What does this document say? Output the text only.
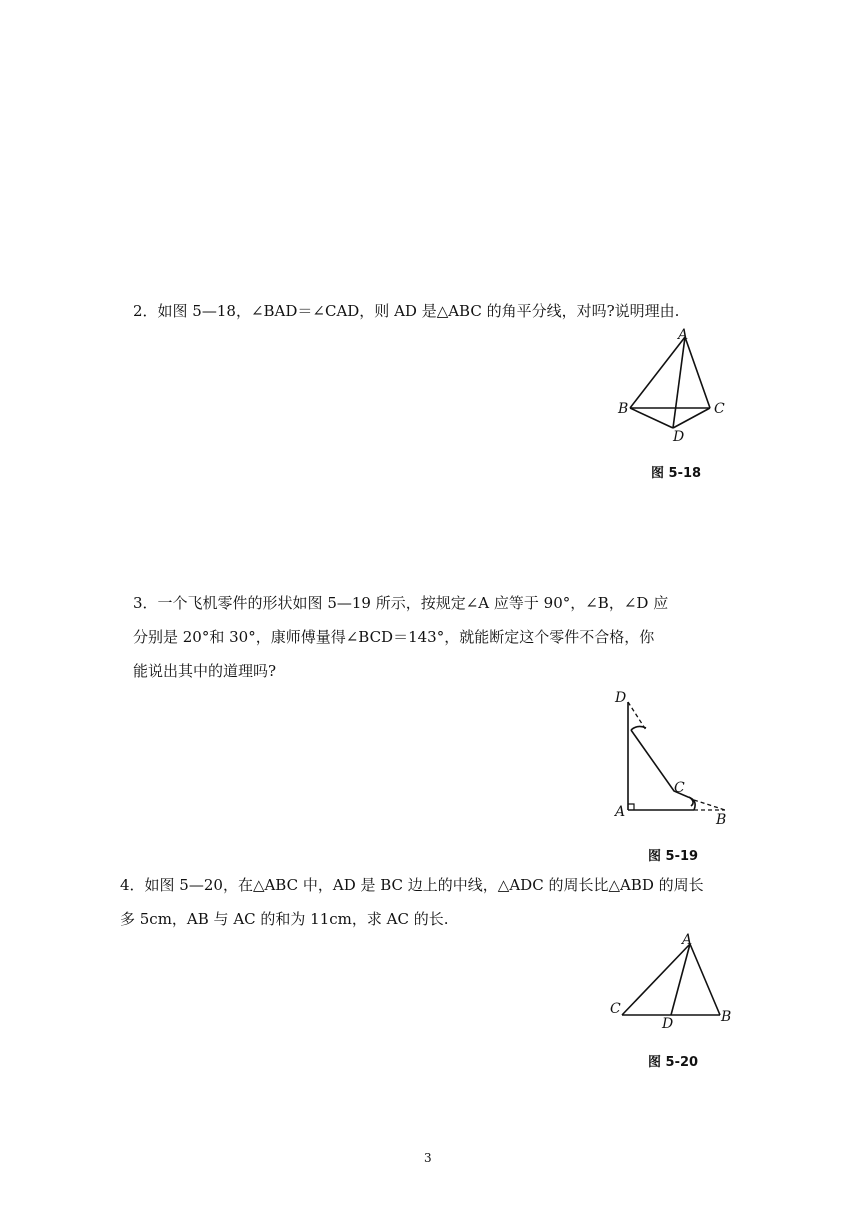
2．如图 5—18，∠BAD＝∠CAD，则 AD 是△ABC 的角平分线，对吗?说明理由.

A
B	C
D
图 5-18

3．一个飞机零件的形状如图 5—19 所示，按规定∠A 应等于 90°，∠B，∠D 应

分别是 20°和 30°，康师傅量得∠BCD＝143°，就能断定这个零件不合格，你

能说出其中的道理吗?

D
C
A	B
图 5-19

4．如图 5—20，在△ABC 中，AD 是 BC 边上的中线，△ADC 的周长比△ABD 的周长

多 5cm，AB 与 AC 的和为 11cm，求 AC 的长.

A
C
D	B
图 5-20
3
